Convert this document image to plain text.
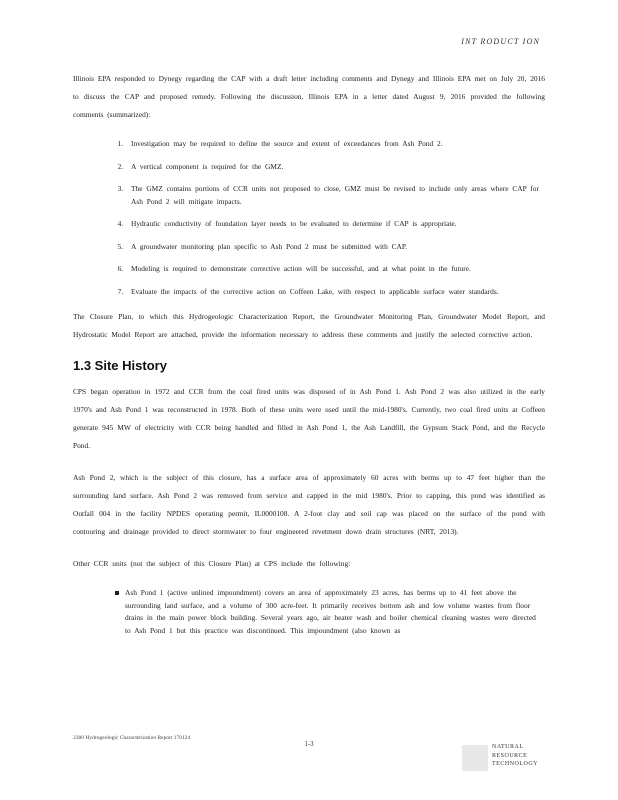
INT RODUCT ION

Illinois EPA responded to Dynegy regarding the CAP with a draft letter including comments and Dynegy and Illinois EPA met on July 20, 2016 to discuss the CAP and proposed remedy. Following the discussion, Illinois EPA in a letter dated August 9, 2016 provided the following comments (summarized):

1. Investigation may be required to define the source and extent of exceedances from Ash Pond 2.
2. A vertical component is required for the GMZ.
3. The GMZ contains portions of CCR units not proposed to close, GMZ must be revised to include only areas where CAP for Ash Pond 2 will mitigate impacts.
4. Hydraulic conductivity of foundation layer needs to be evaluated to determine if CAP is appropriate.
5. A groundwater monitoring plan specific to Ash Pond 2 must be submitted with CAP.
6. Modeling is required to demonstrate corrective action will be successful, and at what point in the future.
7. Evaluate the impacts of the corrective action on Coffeen Lake, with respect to applicable surface water standards.

The Closure Plan, to which this Hydrogeologic Characterization Report, the Groundwater Monitoring Plan, Groundwater Model Report, and Hydrostatic Model Report are attached, provide the information necessary to address these comments and justify the selected corrective action.

1.3 Site History

CPS began operation in 1972 and CCR from the coal fired units was disposed of in Ash Pond 1. Ash Pond 2 was also utilized in the early 1970's and Ash Pond 1 was reconstructed in 1978. Both of these units were used until the mid-1980's. Currently, two coal fired units at Coffeen generate 945 MW of electricity with CCR being handled and filled in Ash Pond 1, the Ash Landfill, the Gypsum Stack Pond, and the Recycle Pond.

Ash Pond 2, which is the subject of this closure, has a surface area of approximately 60 acres with berms up to 47 feet higher than the surrounding land surface. Ash Pond 2 was removed from service and capped in the mid 1980's. Prior to capping, this pond was identified as Outfall 004 in the facility NPDES operating permit, IL0000108. A 2-foot clay and soil cap was placed on the surface of the pond with contouring and drainage provided to direct stormwater to four engineered revetment down drain structures (NRT, 2013).

Other CCR units (not the subject of this Closure Plan) at CPS include the following:

Ash Pond 1 (active unlined impoundment) covers an area of approximately 23 acres, has berms up to 41 feet above the surrounding land surface, and a volume of 300 acre-feet. It primarily receives bottom ash and low volume wastes from floor drains in the main power block building. Several years ago, air heater wash and boiler chemical cleaning wastes were directed to Ash Pond 1 but this practice was discontinued. This impoundment (also known as
2380 Hydrogeologic Characterization Report 170124
1-3	NATURAL
RESOURCE
TECHNOLOGY
